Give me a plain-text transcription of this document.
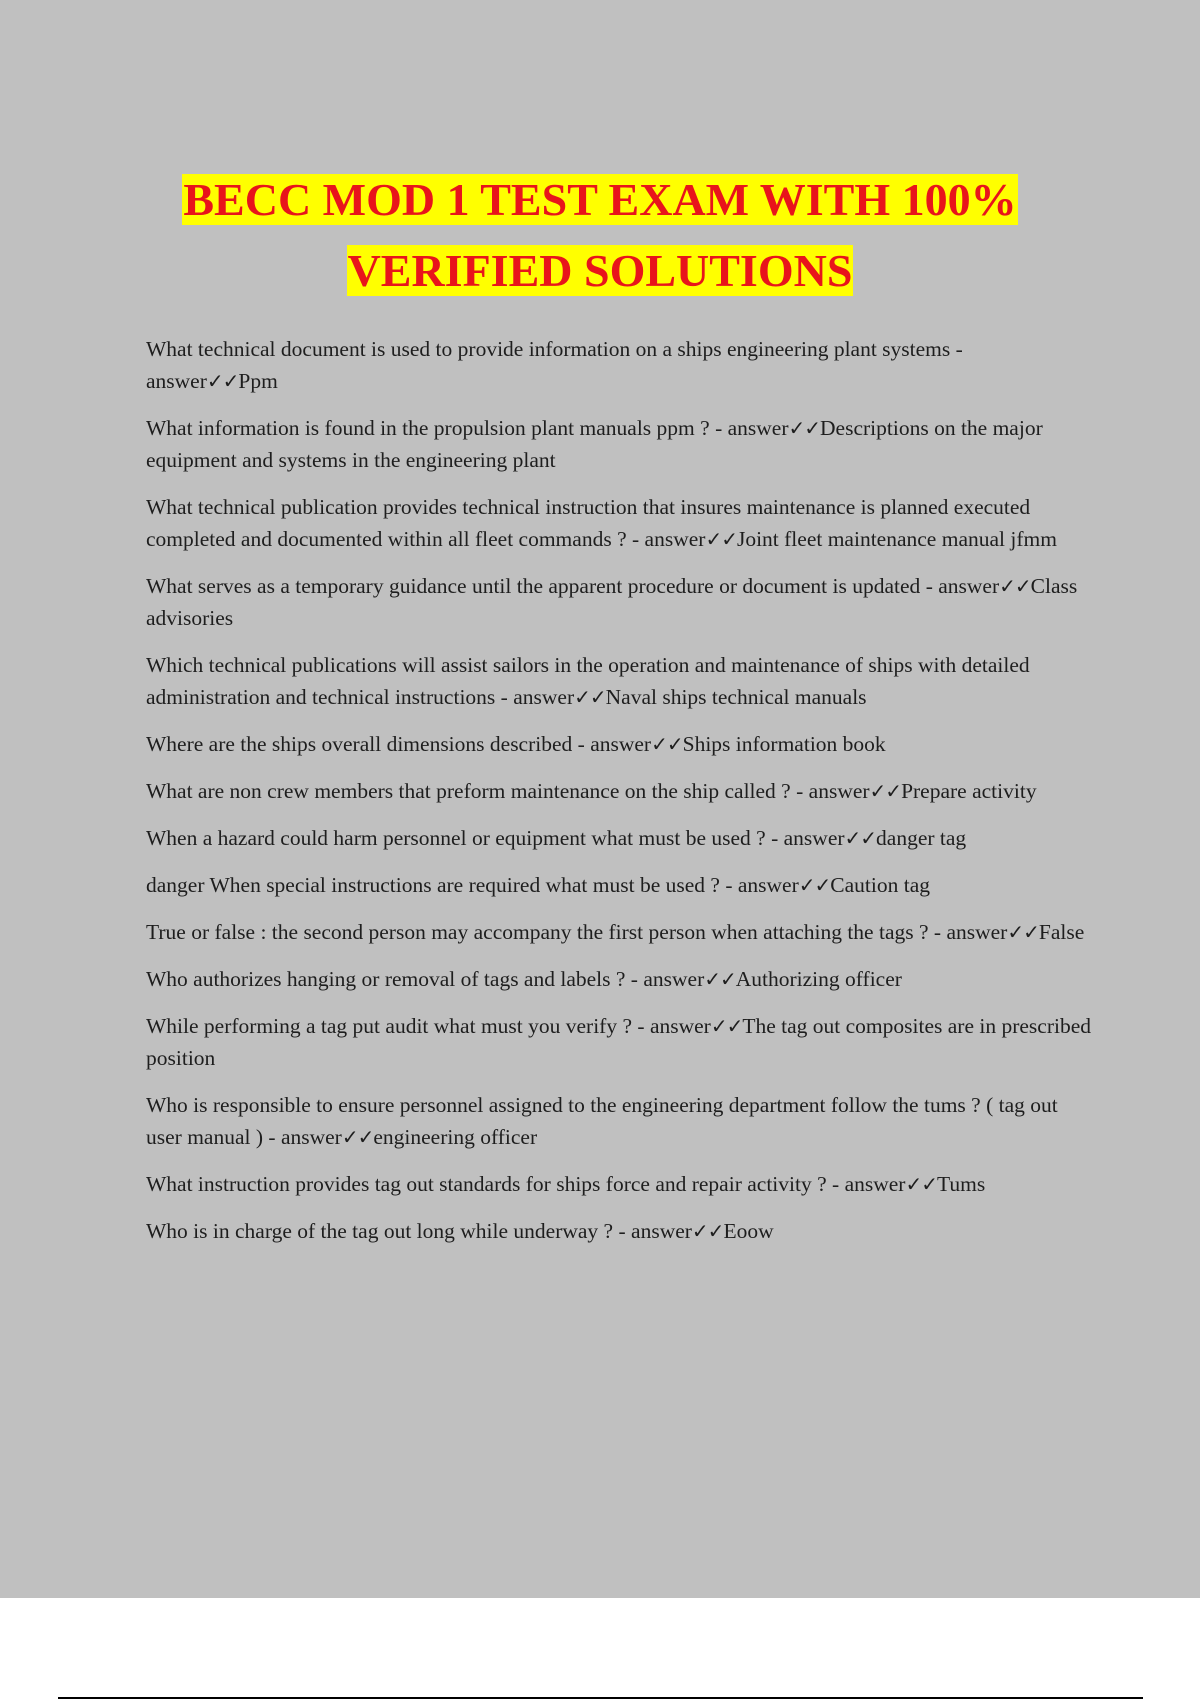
BECC MOD 1 TEST EXAM WITH 100%
VERIFIED SOLUTIONS

What technical document is used to provide information on a ships engineering plant systems - answer✓✓Ppm

What information is found in the propulsion plant manuals ppm ? - answer✓✓Descriptions on the major equipment and systems in the engineering plant

What technical publication provides technical instruction that insures maintenance is planned executed completed and documented within all fleet commands ? - answer✓✓Joint fleet maintenance manual jfmm

What serves as a temporary guidance until the apparent procedure or document is updated - answer✓✓Class advisories

Which technical publications will assist sailors in the operation and maintenance of ships with detailed administration and technical instructions - answer✓✓Naval ships technical manuals

Where are the ships overall dimensions described - answer✓✓Ships information book

What are non crew members that preform maintenance on the ship called ? - answer✓✓Prepare activity

When a hazard could harm personnel or equipment what must be used ? - answer✓✓danger tag

danger When special instructions are required what must be used ? - answer✓✓Caution tag

True or false : the second person may accompany the first person when attaching the tags ? - answer✓✓False

Who authorizes hanging or removal of tags and labels ? - answer✓✓Authorizing officer

While performing a tag put audit what must you verify ? - answer✓✓The tag out composites are in prescribed position

Who is responsible to ensure personnel assigned to the engineering department follow the tums ? ( tag out user manual ) - answer✓✓engineering officer

What instruction provides tag out standards for ships force and repair activity ? - answer✓✓Tums

Who is in charge of the tag out long while underway ? - answer✓✓Eoow
